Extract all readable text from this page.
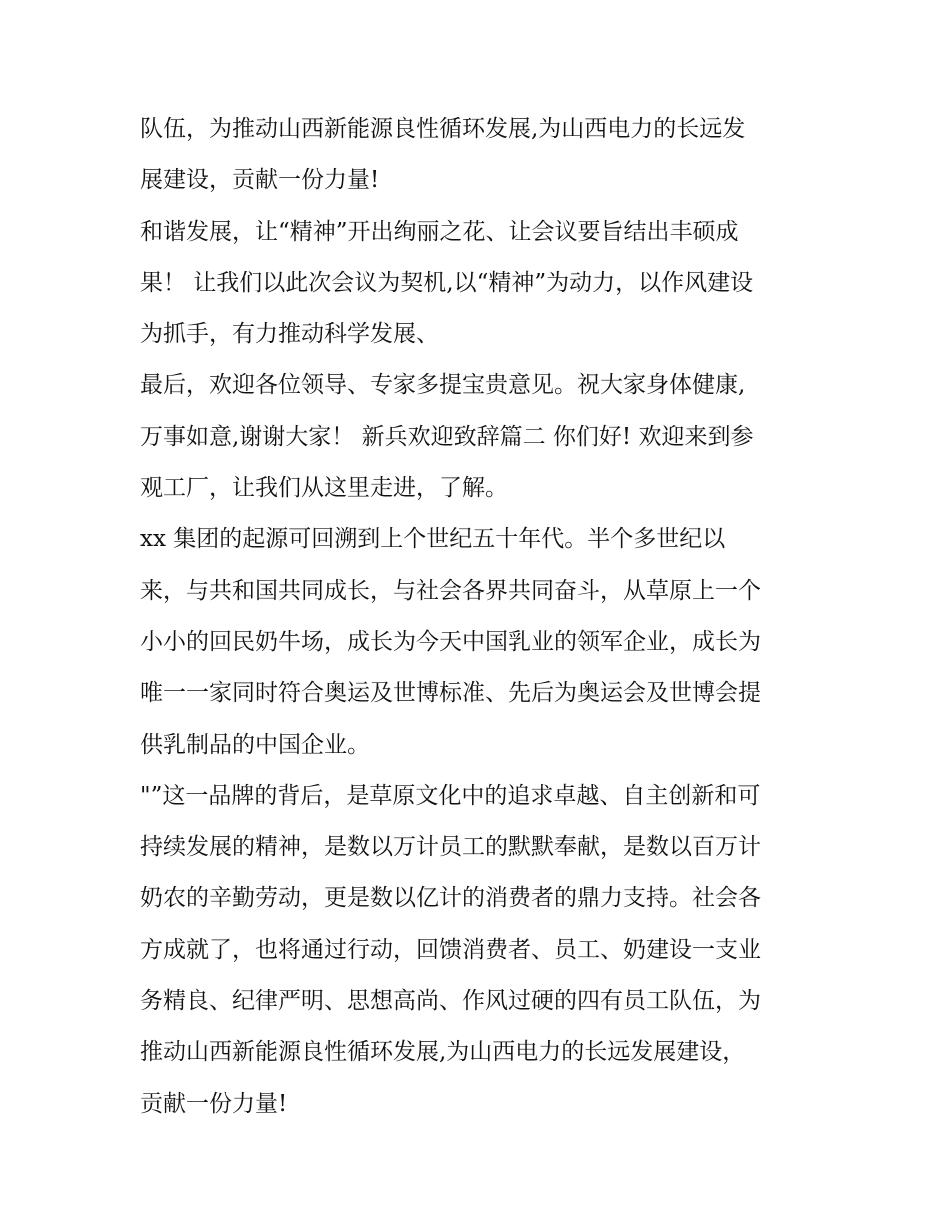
队伍，为推动山西新能源良性循环发展,为山西电力的长远发
展建设，贡献一份力量!
和谐发展，让“精神”开出绚丽之花、让会议要旨结出丰硕成
果！ 让我们以此次会议为契机,以“精神”为动力，以作风建设
为抓手，有力推动科学发展、
最后，欢迎各位领导、专家多提宝贵意见。祝大家身体健康,
万事如意,谢谢大家！ 新兵欢迎致辞篇二 你们好! 欢迎来到参
观工厂，让我们从这里走进，了解。
xx 集团的起源可回溯到上个世纪五十年代。半个多世纪以
来，与共和国共同成长，与社会各界共同奋斗，从草原上一个
小小的回民奶牛场，成长为今天中国乳业的领军企业，成长为
唯一一家同时符合奥运及世博标准、先后为奥运会及世博会提
供乳制品的中国企业。
"”这一品牌的背后，是草原文化中的追求卓越、自主创新和可
持续发展的精神，是数以万计员工的默默奉献，是数以百万计
奶农的辛勤劳动，更是数以亿计的消费者的鼎力支持。社会各
方成就了，也将通过行动，回馈消费者、员工、奶建设一支业
务精良、纪律严明、思想高尚、作风过硬的四有员工队伍，为
推动山西新能源良性循环发展,为山西电力的长远发展建设，
贡献一份力量!
